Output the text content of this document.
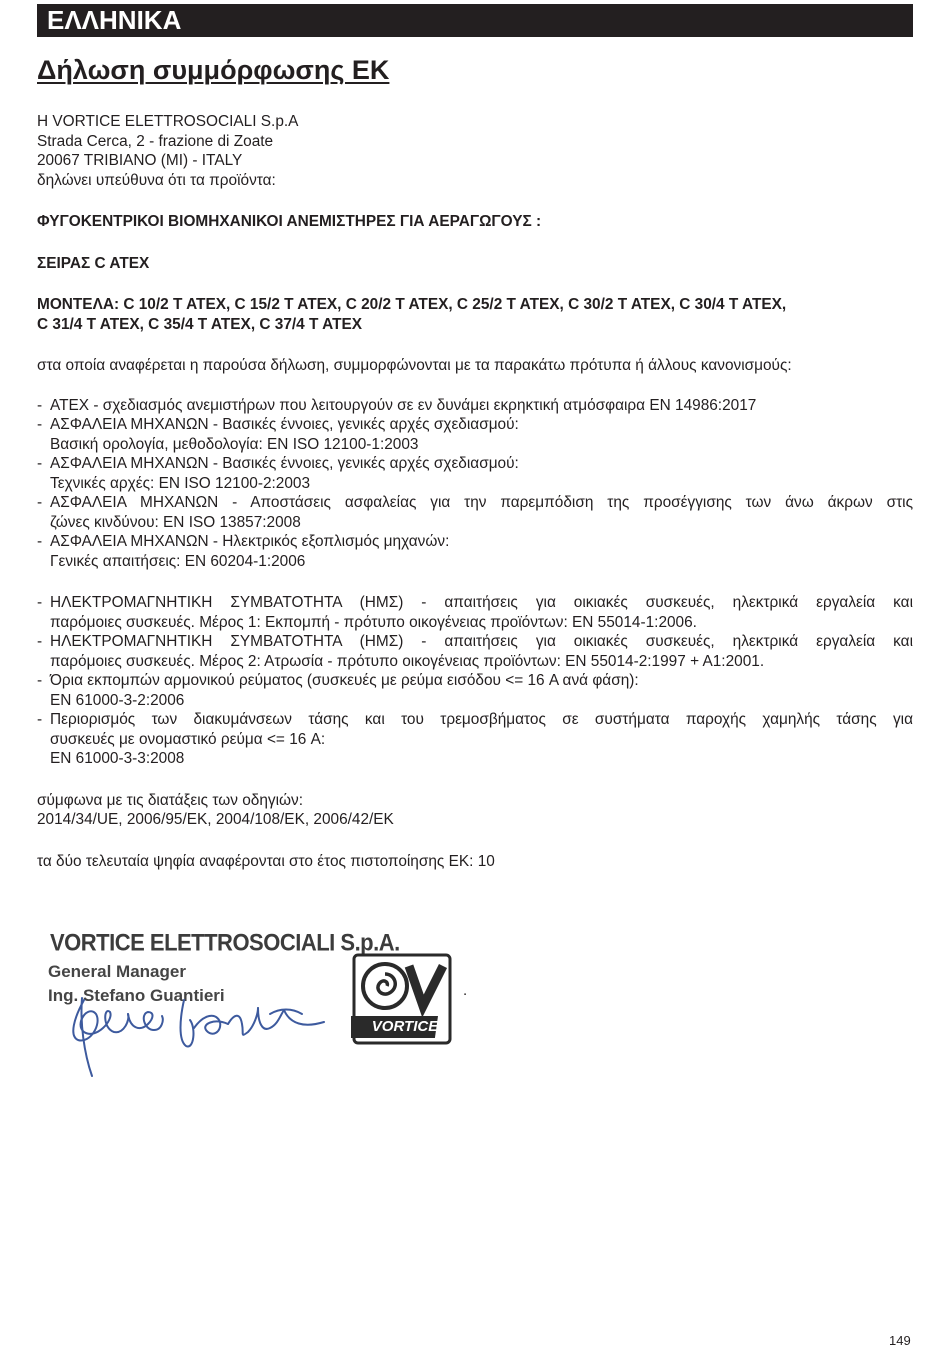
ΕΛΛΗΝΙΚΑ
Δήλωση συμμόρφωσης ΕΚ
Η VORTICE ELETTROSOCIALI S.p.A
Strada Cerca, 2 - frazione di Zoate
20067 TRIBIANO (MI) - ITALY
δηλώνει υπεύθυνα ότι τα προϊόντα:
ΦΥΓΟΚΕΝΤΡΙΚΟΙ ΒΙΟΜΗΧΑΝΙΚΟΙ ΑΝΕΜΙΣΤΗΡΕΣ ΓΙΑ ΑΕΡΑΓΩΓΟΥΣ :
ΣΕΙΡΑΣ C ATEX
ΜΟΝΤΕΛΑ: C 10/2 T ATEX, C 15/2 T ATEX, C 20/2 T ATEX, C 25/2 T ATEX, C 30/2 T ATEX, C 30/4 T ATEX,
C 31/4 T ATEX, C 35/4 T ATEX, C 37/4 T ATEX
στα οποία αναφέρεται η παρούσα δήλωση, συμμορφώνονται με τα παρακάτω πρότυπα ή άλλους κανονισμούς:
- ATEX - σχεδιασμός ανεμιστήρων που λειτουργούν σε εν δυνάμει εκρηκτική ατμόσφαιρα EN 14986:2017
- ΑΣΦΑΛΕΙΑ ΜΗΧΑΝΩΝ - Βασικές έννοιες, γενικές αρχές σχεδιασμού:
Βασική ορολογία, μεθοδολογία: EN ISO 12100-1:2003
- ΑΣΦΑΛΕΙΑ ΜΗΧΑΝΩΝ - Βασικές έννοιες, γενικές αρχές σχεδιασμού:
Τεχνικές αρχές: EN ISO 12100-2:2003
- ΑΣΦΑΛΕΙΑ ΜΗΧΑΝΩΝ - Αποστάσεις ασφαλείας για την παρεμπόδιση της προσέγγισης των άνω άκρων στις
ζώνες κινδύνου: EN ISO 13857:2008
- ΑΣΦΑΛΕΙΑ ΜΗΧΑΝΩΝ - Ηλεκτρικός εξοπλισμός μηχανών:
Γενικές απαιτήσεις: EN 60204-1:2006
- ΗΛΕΚΤΡΟΜΑΓΝΗΤΙΚΗ ΣΥΜΒΑΤΟΤΗΤΑ (ΗΜΣ) - απαιτήσεις για οικιακές συσκευές, ηλεκτρικά εργαλεία και
παρόμοιες συσκευές. Μέρος 1: Εκπομπή - πρότυπο οικογένειας προϊόντων: EN 55014-1:2006.
- ΗΛΕΚΤΡΟΜΑΓΝΗΤΙΚΗ ΣΥΜΒΑΤΟΤΗΤΑ (ΗΜΣ) - απαιτήσεις για οικιακές συσκευές, ηλεκτρικά εργαλεία και
παρόμοιες συσκευές. Μέρος 2: Ατρωσία - πρότυπο οικογένειας προϊόντων: EN 55014-2:1997 + A1:2001.
- Όρια εκπομπών αρμονικού ρεύματος (συσκευές με ρεύμα εισόδου <= 16 A ανά φάση):
EN 61000-3-2:2006
- Περιορισμός των διακυμάνσεων τάσης και του τρεμοσβήματος σε συστήματα παροχής χαμηλής τάσης για
συσκευές με ονομαστικό ρεύμα <= 16 A:
EN 61000-3-3:2008
σύμφωνα με τις διατάξεις των οδηγιών:
2014/34/UE, 2006/95/EK, 2004/108/EK, 2006/42/EK
τα δύο τελευταία ψηφία αναφέρονται στο έτος πιστοποίησης ΕΚ: 10
VORTICE ELETTROSOCIALI S.p.A.
General Manager
Ing. Stefano Guantieri
VORTICE
.
149
